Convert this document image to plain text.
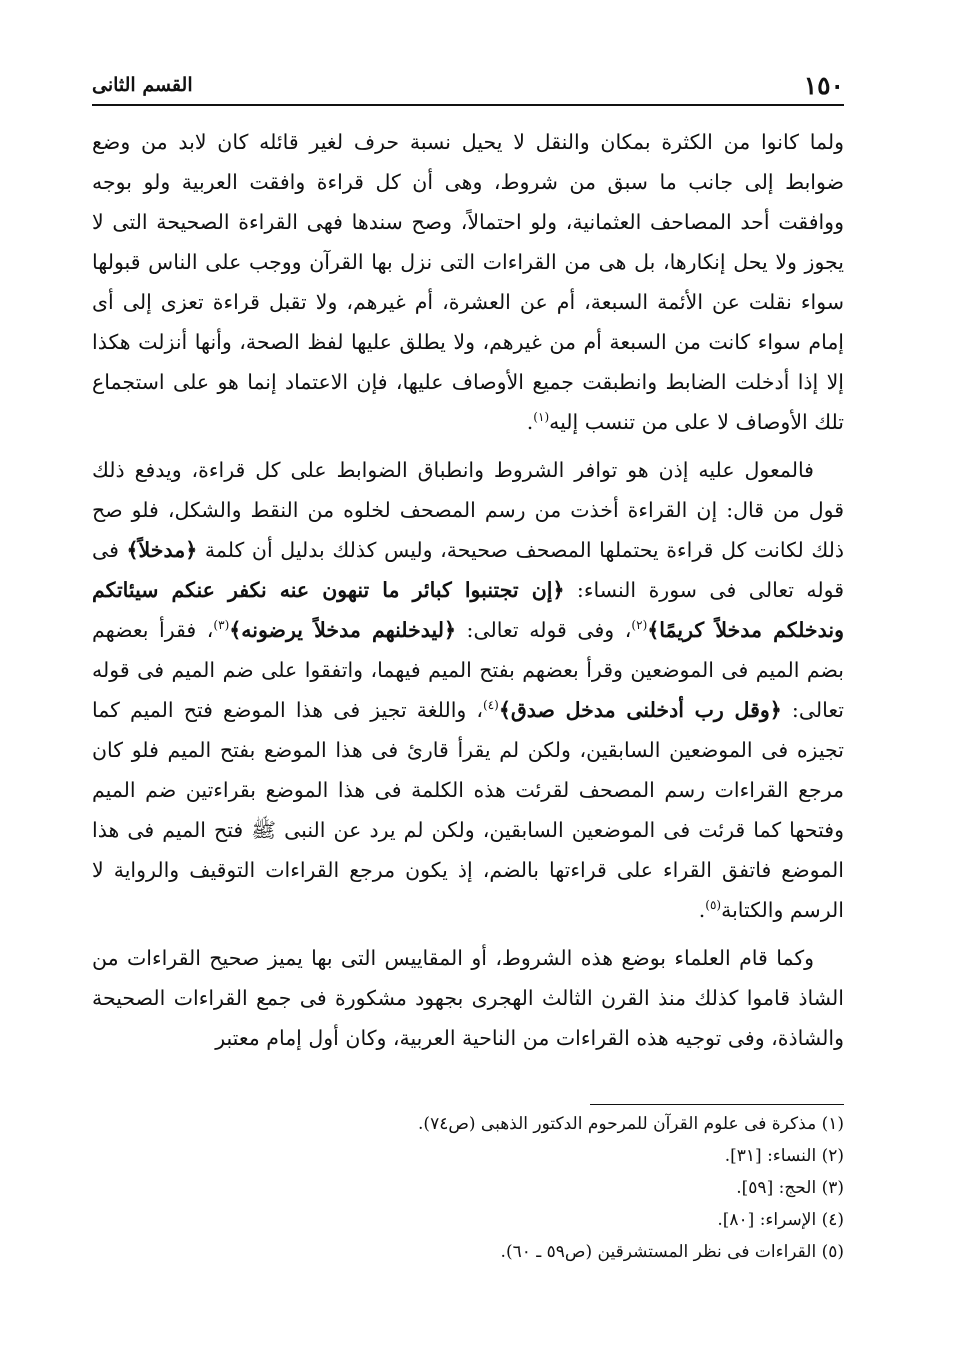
١٥٠
القسم الثانى

ولما كانوا من الكثرة بمكان والنقل لا يحيل نسبة حرف لغير قائله كان لابد من وضع ضوابط إلى جانب ما سبق من شروط، وهى أن كل قراءة وافقت العربية ولو بوجه ووافقت أحد المصاحف العثمانية، ولو احتمالاً، وصح سندها فهى القراءة الصحيحة التى لا يجوز ولا يحل إنكارها، بل هى من القراءات التى نزل بها القرآن ووجب على الناس قبولها سواء نقلت عن الأئمة السبعة، أم عن العشرة، أم غيرهم، ولا تقبل قراءة تعزى إلى أى إمام سواء كانت من السبعة أم من غيرهم، ولا يطلق عليها لفظ الصحة، وأنها أنزلت هكذا إلا إذا أدخلت الضابط وانطبقت جميع الأوصاف عليها، فإن الاعتماد إنما هو على استجماع تلك الأوصاف لا على من تنسب إليه$^{(١)}$.

فالمعول عليه إذن هو توافر الشروط وانطباق الضوابط على كل قراءة، ويدفع ذلك قول من قال: إن القراءة أخذت من رسم المصحف لخلوه من النقط والشكل، فلو صح ذلك لكانت كل قراءة يحتملها المصحف صحيحة، وليس كذلك بدليل أن كلمة ﴿مدخلاً﴾ فى قوله تعالى فى سورة النساء: ﴿إن تجتنبوا كبائر ما تنهون عنه نكفر عنكم سيئاتكم وندخلكم مدخلاً كريمًا﴾$^{(٢)}$، وفى قوله تعالى: ﴿ليدخلنهم مدخلاً يرضونه﴾$^{(٣)}$، فقرأ بعضهم بضم الميم فى الموضعين وقرأ بعضهم بفتح الميم فيهما، واتفقوا على ضم الميم فى قوله تعالى: ﴿وقل رب أدخلنى مدخل صدق﴾$^{(٤)}$، واللغة تجيز فى هذا الموضع فتح الميم كما تجيزه فى الموضعين السابقين، ولكن لم يقرأ قارئ فى هذا الموضع بفتح الميم فلو كان مرجع القراءات رسم المصحف لقرئت هذه الكلمة فى هذا الموضع بقراءتين ضم الميم وفتحها كما قرئت فى الموضعين السابقين، ولكن لم يرد عن النبى ﷺ فتح الميم فى هذا الموضع فاتفق القراء على قراءتها بالضم، إذ يكون مرجع القراءات التوقيف والرواية لا الرسم والكتابة$^{(٥)}$.

وكما قام العلماء بوضع هذه الشروط، أو المقاييس التى بها يميز صحيح القراءات من الشاذ قاموا كذلك منذ القرن الثالث الهجرى بجهود مشكورة فى جمع القراءات الصحيحة والشاذة، وفى توجيه هذه القراءات من الناحية العربية، وكان أول إمام معتبر

(١) مذكرة فى علوم القرآن للمرحوم الدكتور الذهبى (ص٧٤).

(٢) النساء: [٣١].

(٣) الحج: [٥٩].

(٤) الإسراء: [٨٠].

(٥) القراءات فى نظر المستشرقين (ص٥٩ ـ ٦٠).
